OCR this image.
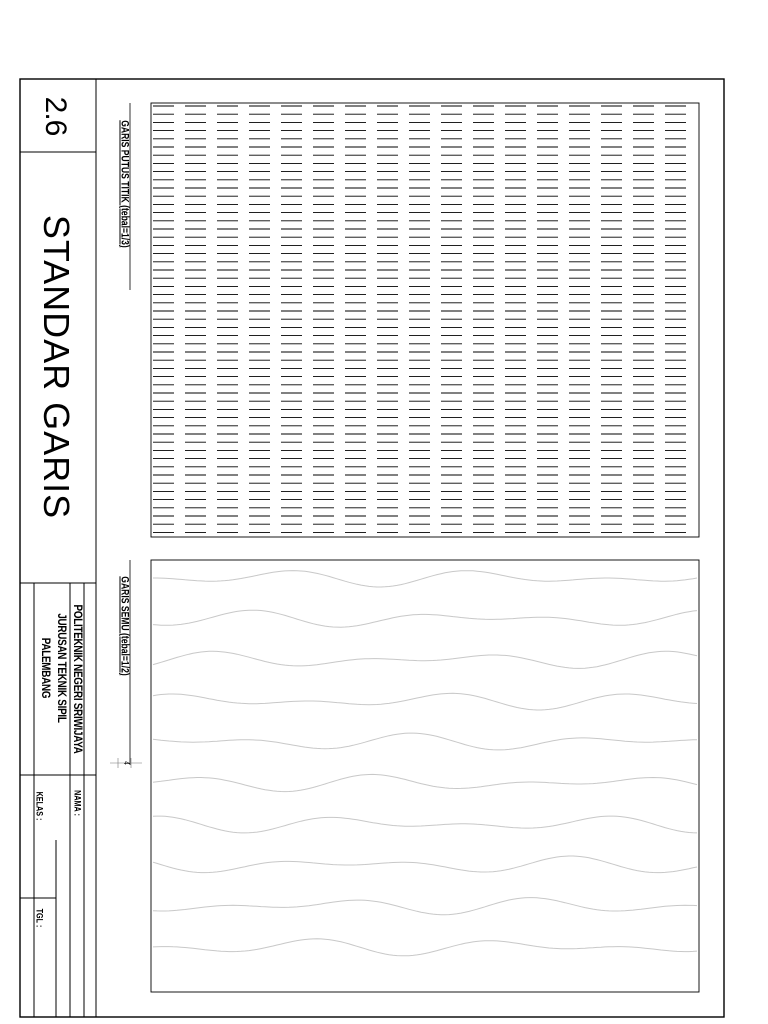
2.6
STANDAR GARIS
POLITEKNIK NEGERI SRIWIJAYA
JURUSAN TEKNIK SIPIL
PALEMBANG
NAMA :
KELAS :
TGL :
GARIS PUTUS TITIK (tebal=1/3)
GARIS SEMU (tebal=1/2)
4
